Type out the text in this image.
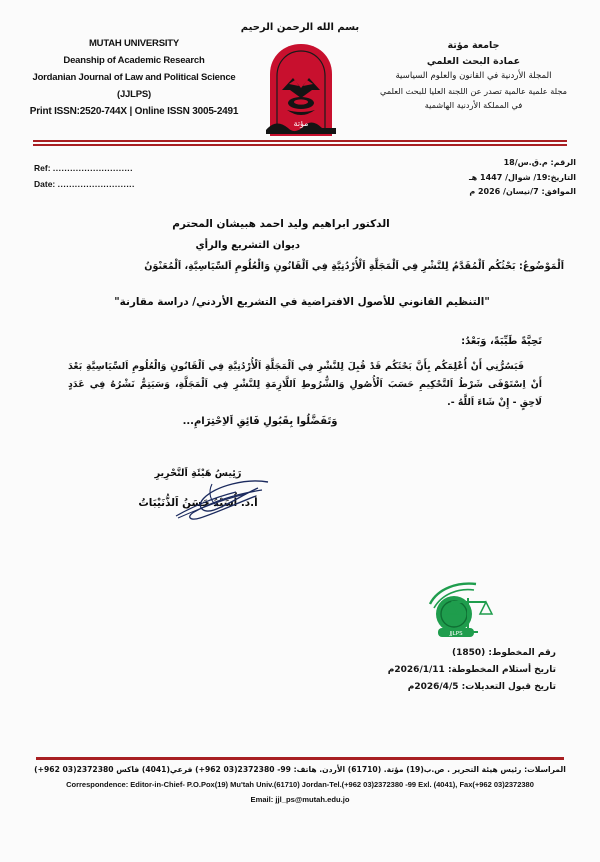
بسم الله الرحمن الرحيم
MUTAH UNIVERSITY
Deanship of Academic Research
Jordanian Journal of Law and Political Science
(JJLPS)
Print ISSN:2520-744X | Online ISSN 3005-2491
جامعة مؤتة
عمادة البحث العلمي
المجلة الأردنية في القانون والعلوم السياسية
مجلة علمية عالمية تصدر عن اللجنة العليا للبحث العلمي
في المملكة الأردنية الهاشمية
مؤتة
Ref: ............................
Date: ...........................
الرقم: م.ق.س/18
التاريخ:19/ شوال/ 1447 هـ
الموافق: 7/نيسان/ 2026 م
الدكتور ابراهيم وليد احمد هبيشان المحترم
ديوان التشريع والرأي
اَلْمَوْضُوعُ: بَحْثُكُم اَلْمُقَدَّمُ لِلنَّشْرِ فِي اَلْمَجَلَّةِ اَلْأُرْدُنِيَّةِ فِي اَلْقَانُونِ وَالْعُلُومِ اَلسِّيَاسِيَّةِ، اَلْمُعَنْوَنُ
"التنظيم القانوني للأصول الافتراضية في التشريع الأردني/ دراسة مقارنة"
تَحِيَّةً طَيِّبَةً، وَبَعْدُ:
فَيَسُرُّنِي أَنْ أُعْلِمَكُم بِأَنَّ بَحْثَكُم قَدْ قُبِلَ لِلنَّشْرِ فِي اَلْمَجَلَّةِ اَلْأُرْدُنِيَّةِ فِي اَلْقَانُونِ وَالْعُلُومِ اَلسِّيَاسِيَّةِ بَعْدَ أَنْ اِسْتَوْفَى شَرْطُ اَلتَّحْكِيمِ حَسَبَ اَلْأُصُولِ وَالشُّرُوطِ اَللَّازِمَةِ لِلنَّشْرِ فِي اَلْمَجَلَّةِ، وَسَيَتِمُّ نَشْرُهُ فِي عَدَدٍ لَاحِقٍ - إِنْ شَاءَ اَللَّهُ -.
وَتَفَضَّلُوا بِقَبُولِ فَائِقِ اَلاِحْتِرَامِ...
رَئِيسُ هَيْئَةِ اَلتَّحْرِيرِ
أ.د. أُسَيْدُ حَسَنُ اَلذُّنَيْبَاتُ
JJLPS
رقم المخطوط: (1850)
تاريخ أستلام المخطوطة: 2026/1/11م
تاريخ قبول التعديلات: 2026/4/5م
المراسلات: رئيس هيئة التحرير . ص.ب(19) مؤتة. (61710) الأردن. هاتف: 99- 2372380(03 962+) فرعي(4041) فاكس 2372380(03 962+)
Correspondence: Editor-in-Chief- P.O.Pox(19) Mu'tah Univ.(61710) Jordan-Tel.(+962 03)2372380 -99 Exl. (4041), Fax(+962 03)2372380
Email: jjl_ps@mutah.edu.jo
